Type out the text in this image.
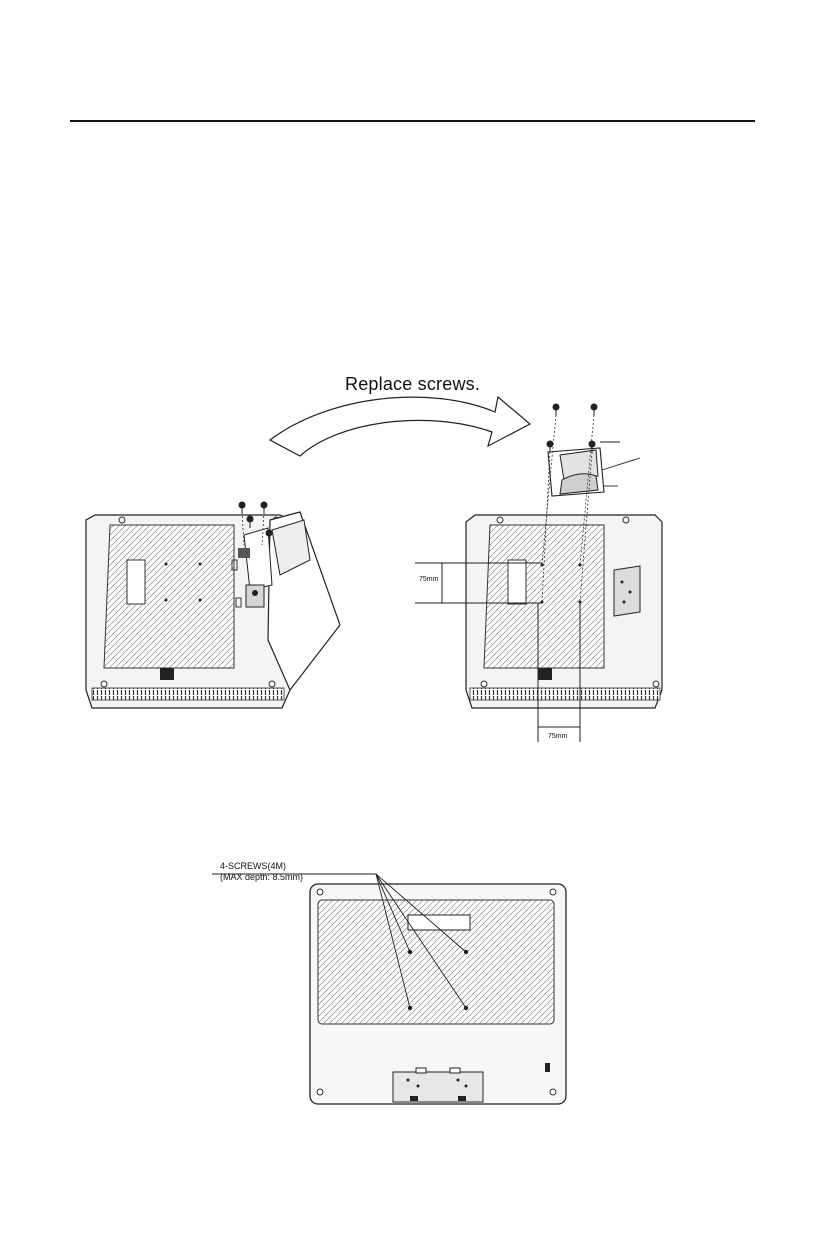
Replace screws.
75mm
75mm
4-SCREWS(4M)
(MAX depth: 8.5mm)
